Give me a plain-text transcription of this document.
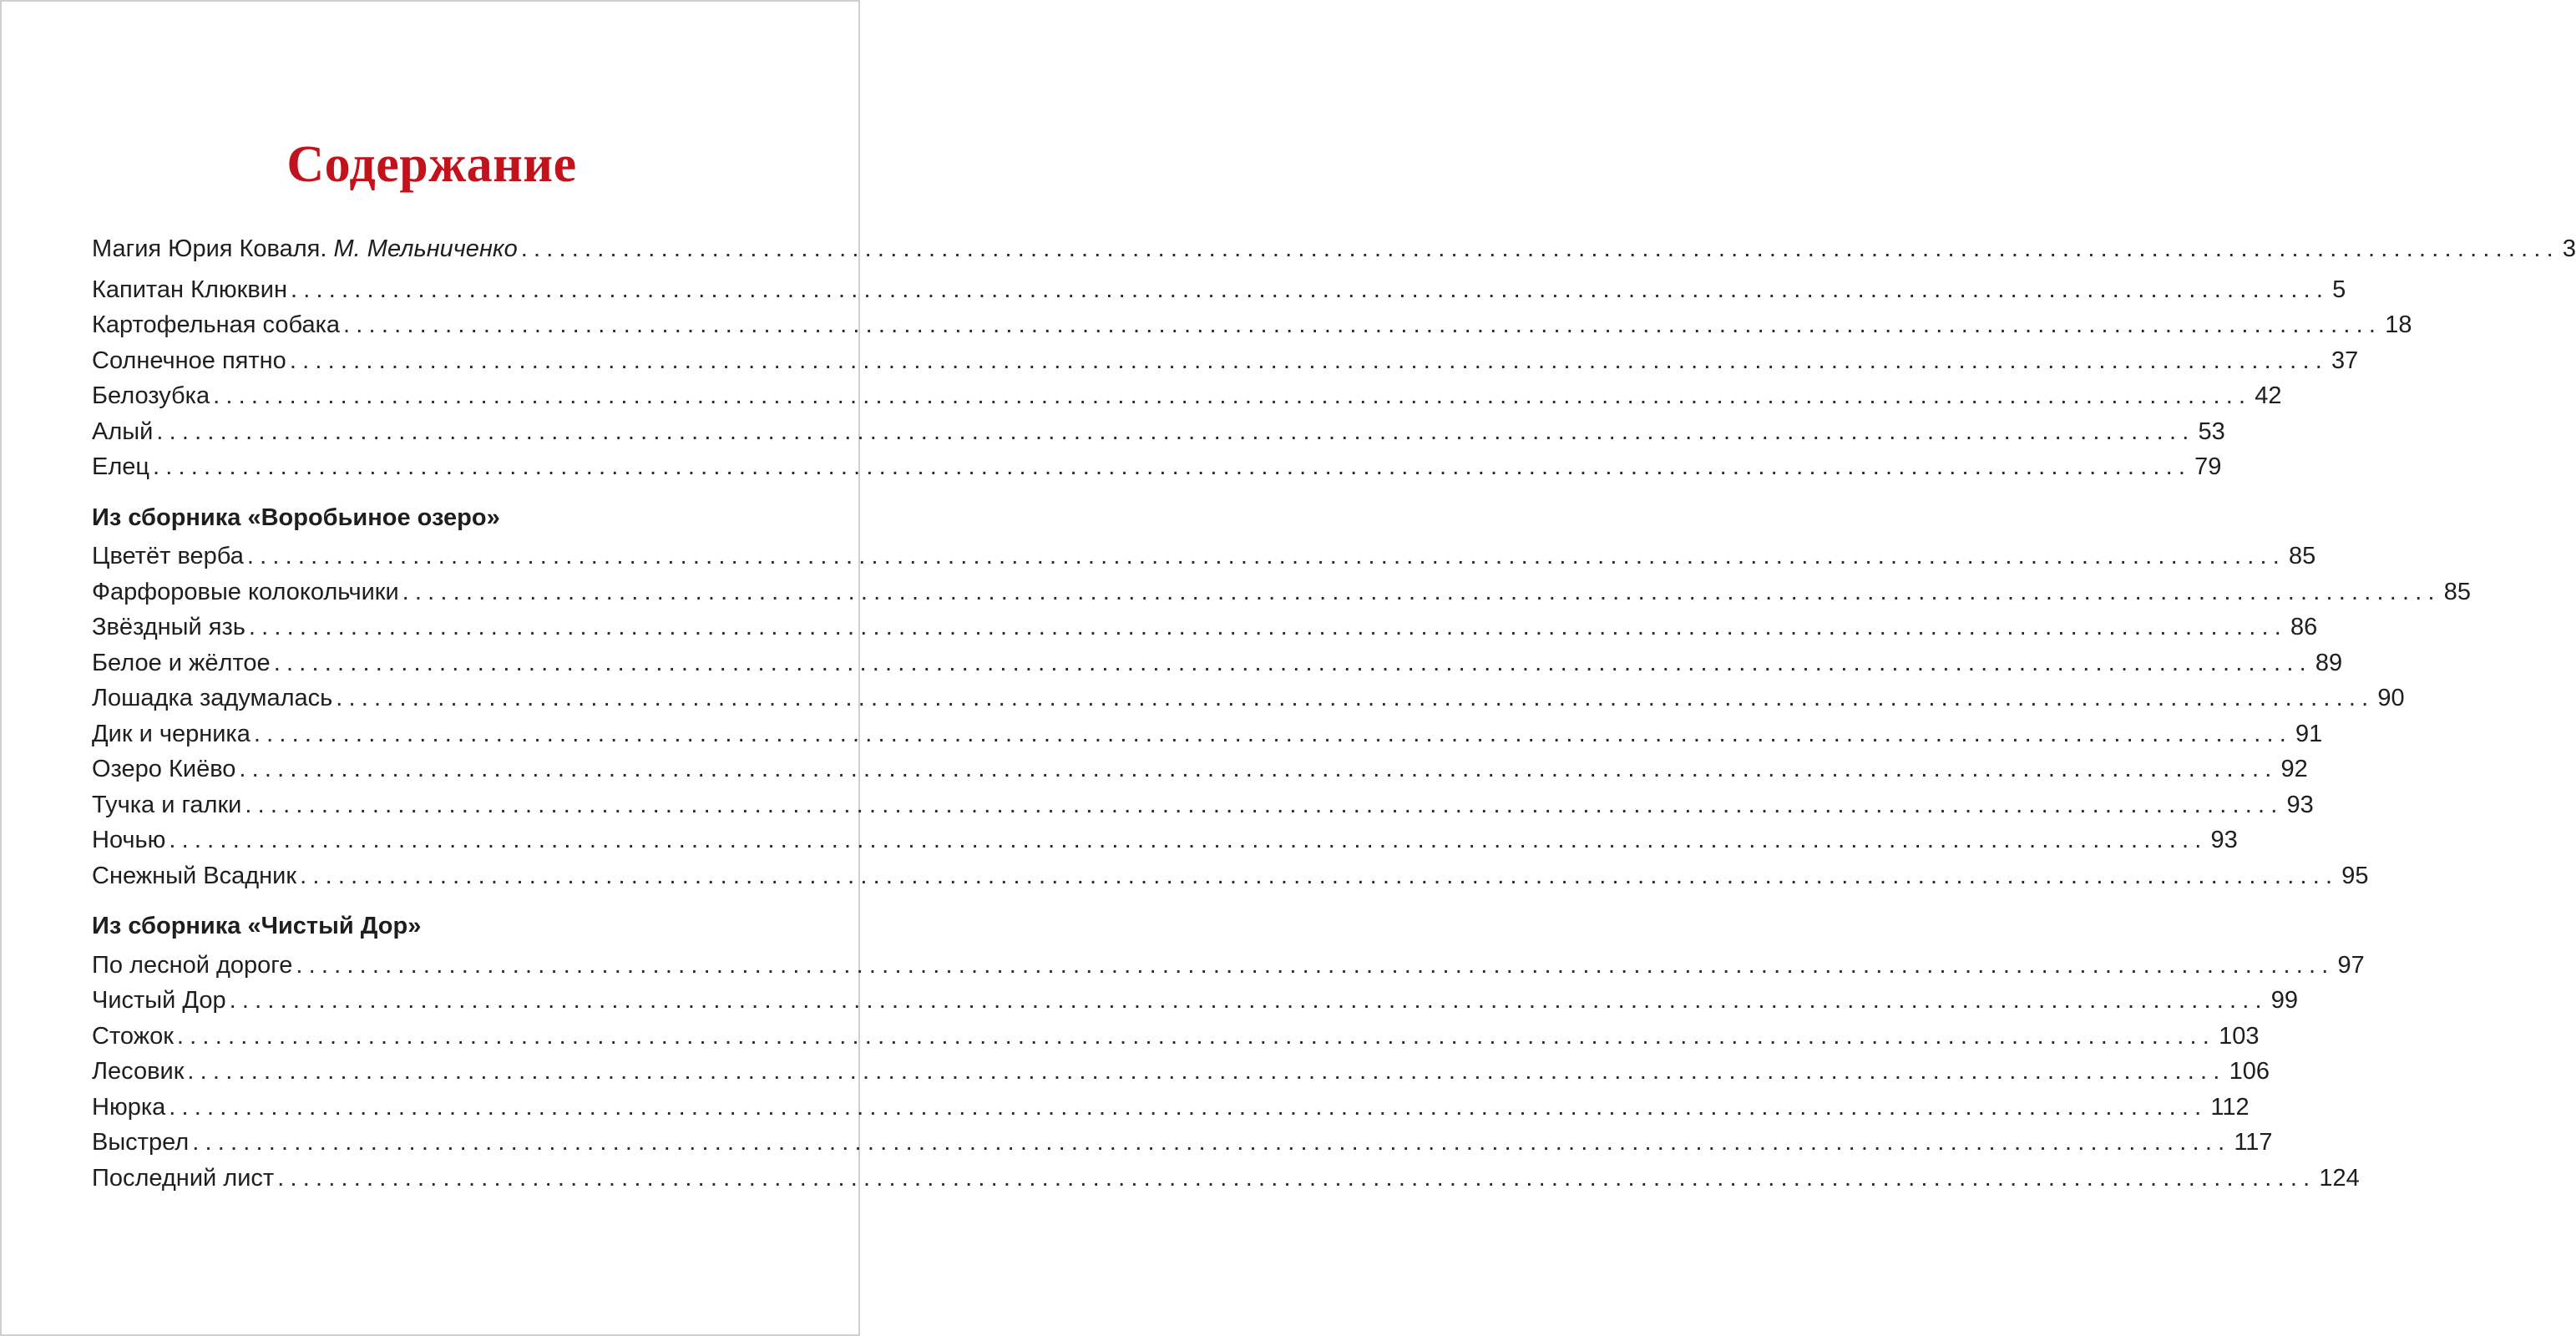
Содержание
Магия Юрия Коваля. М. Мельниченко ................................................................................................................................................................ 3
Капитан Клюквин ................................................................................................................................................................ 5
Картофельная собака ................................................................................................................................................................ 18
Солнечное пятно ................................................................................................................................................................ 37
Белозубка ................................................................................................................................................................ 42
Алый ................................................................................................................................................................ 53
Елец ................................................................................................................................................................ 79
Из сборника «Воробьиное озеро»
Цветёт верба ................................................................................................................................................................ 85
Фарфоровые колокольчики ................................................................................................................................................................ 85
Звёздный язь ................................................................................................................................................................ 86
Белое и жёлтое ................................................................................................................................................................ 89
Лошадка задумалась ................................................................................................................................................................ 90
Дик и черника ................................................................................................................................................................ 91
Озеро Киёво ................................................................................................................................................................ 92
Тучка и галки ................................................................................................................................................................ 93
Ночью ................................................................................................................................................................ 93
Снежный Всадник ................................................................................................................................................................ 95
Из сборника «Чистый Дор»
По лесной дороге ................................................................................................................................................................ 97
Чистый Дор ................................................................................................................................................................ 99
Стожок ................................................................................................................................................................ 103
Лесовик ................................................................................................................................................................ 106
Нюрка ................................................................................................................................................................ 112
Выстрел ................................................................................................................................................................ 117
Последний лист ................................................................................................................................................................ 124
